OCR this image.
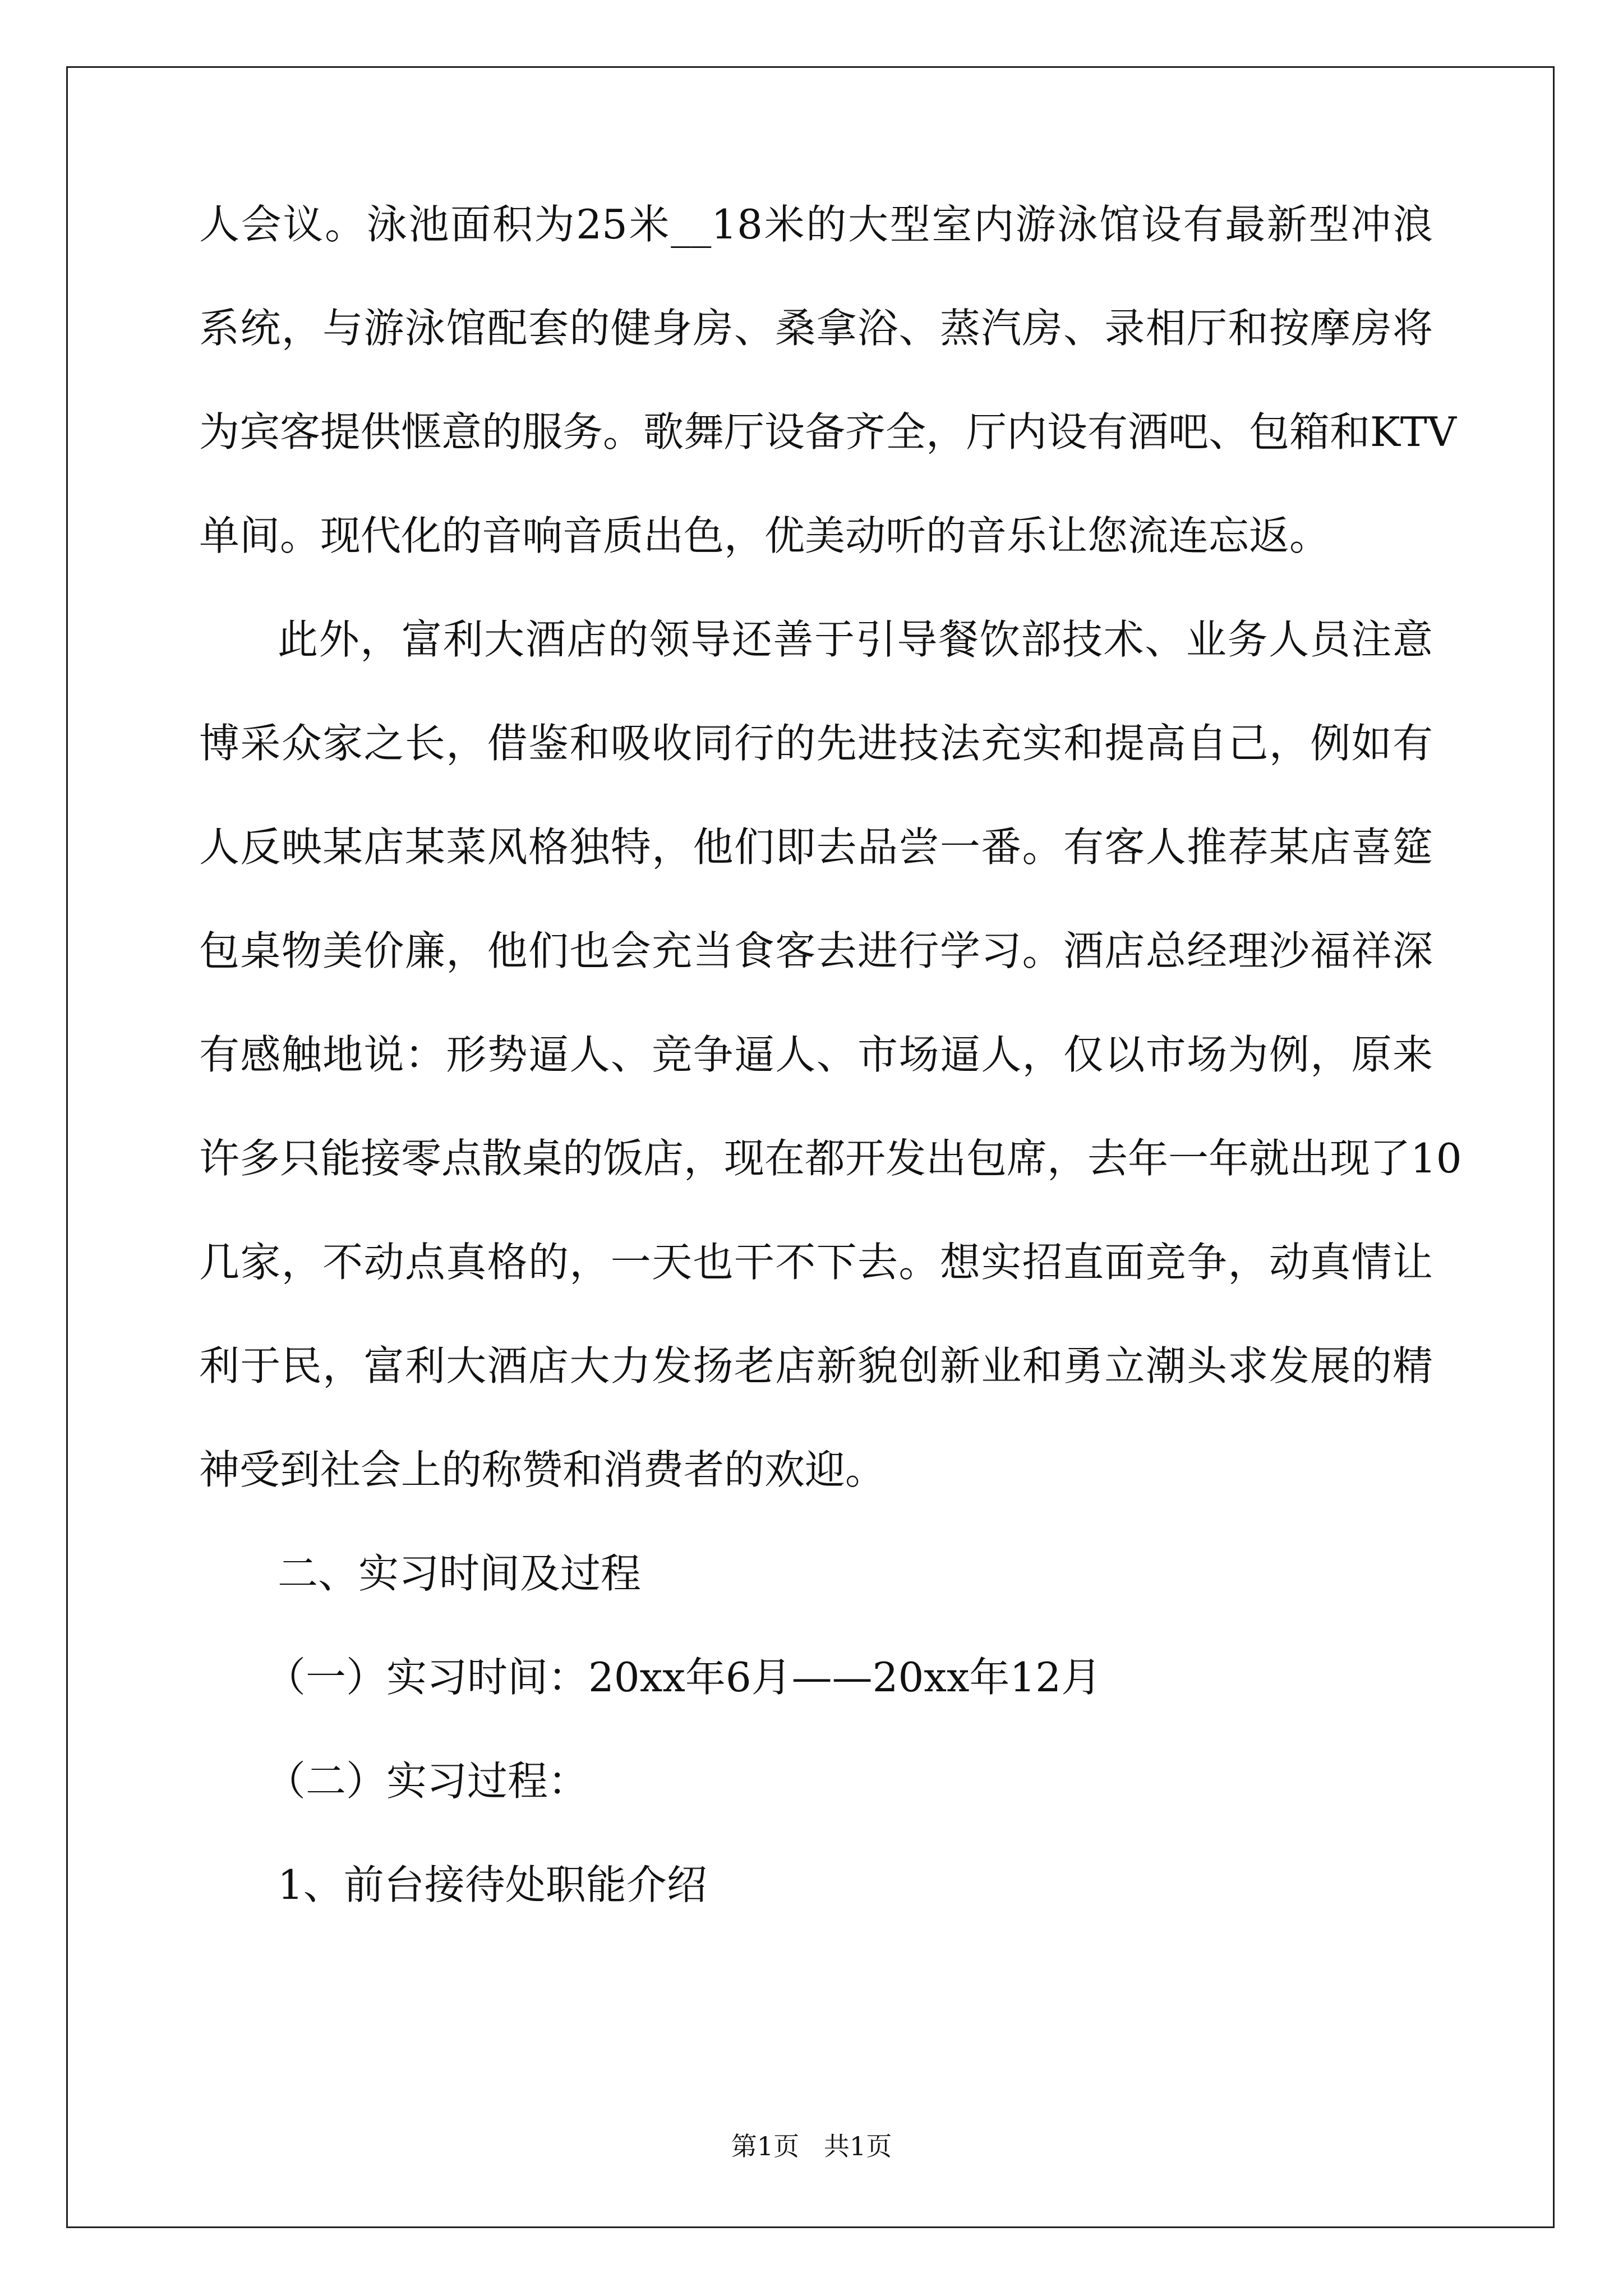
人会议。泳池面积为25米__18米的大型室内游泳馆设有最新型冲浪
系统，与游泳馆配套的健身房、桑拿浴、蒸汽房、录相厅和按摩房将
为宾客提供惬意的服务。歌舞厅设备齐全，厅内设有酒吧、包箱和KTV
单间。现代化的音响音质出色，优美动听的音乐让您流连忘返。
此外，富利大酒店的领导还善于引导餐饮部技术、业务人员注意
博采众家之长，借鉴和吸收同行的先进技法充实和提高自己，例如有
人反映某店某菜风格独特，他们即去品尝一番。有客人推荐某店喜筵
包桌物美价廉，他们也会充当食客去进行学习。酒店总经理沙福祥深
有感触地说：形势逼人、竞争逼人、市场逼人，仅以市场为例，原来
许多只能接零点散桌的饭店，现在都开发出包席，去年一年就出现了10
几家，不动点真格的，一天也干不下去。想实招直面竞争，动真情让
利于民，富利大酒店大力发扬老店新貌创新业和勇立潮头求发展的精
神受到社会上的称赞和消费者的欢迎。
二、实习时间及过程
（一）实习时间：20xx年6月——20xx年12月
（二）实习过程：
1、前台接待处职能介绍
第1页   共1页
